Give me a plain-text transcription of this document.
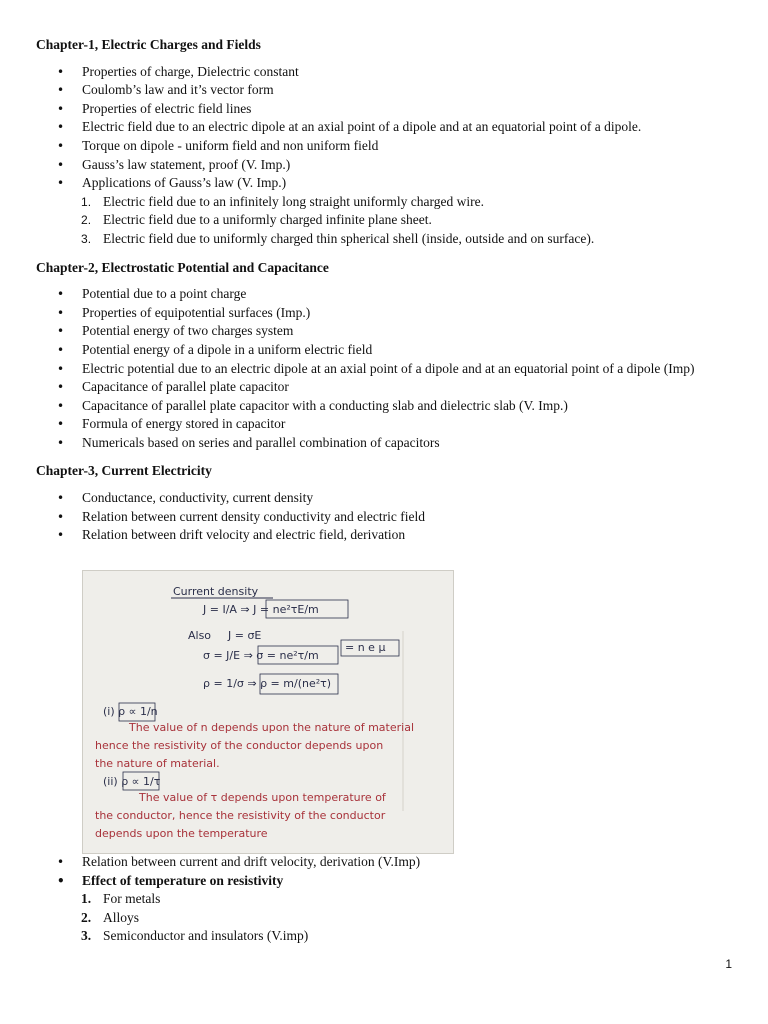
Chapter-1, Electric Charges and Fields
• Properties of charge, Dielectric constant
• Coulomb’s law and it’s vector form
• Properties of electric field lines
• Electric field due to an electric dipole at an axial point of a dipole and at an equatorial point of a dipole.
• Torque on dipole - uniform field and non uniform field
• Gauss’s law statement, proof (V. Imp.)
• Applications of Gauss’s law (V. Imp.)
Electric field due to an infinitely long straight uniformly charged wire.
Electric field due to a uniformly charged infinite plane sheet.
Electric field due to uniformly charged thin spherical shell (inside, outside and on surface).
Chapter-2, Electrostatic Potential and Capacitance
• Potential due to a point charge
• Properties of equipotential surfaces (Imp.)
• Potential energy of two charges system
• Potential energy of a dipole in a uniform electric field
• Electric potential due to an electric dipole at an axial point of a dipole and at an equatorial point of a dipole (Imp)
• Capacitance of parallel plate capacitor
• Capacitance of parallel plate capacitor with a conducting slab and dielectric slab (V. Imp.)
• Formula of energy stored in capacitor
• Numericals based on series and parallel combination of capacitors
Chapter-3, Current Electricity
• Conductance, conductivity, current density
• Relation between current density conductivity and electric field
• Relation between drift velocity and electric field, derivation
Current density
J = I/A ⇒ J = ne²τE/m
Also J = σE
σ = J/E ⇒ σ = ne²τ/m
= n e μ
ρ = 1/σ ⇒ ρ = m/(ne²τ)
(i) ρ ∝ 1/n
The value of n depends upon the nature of material
hence the resistivity of the conductor depends upon
the nature of material.
(ii) ρ ∝ 1/τ
The value of τ depends upon temperature of
the conductor, hence the resistivity of the conductor
depends upon the temperature
• Relation between current and drift velocity, derivation (V.Imp)
• Effect of temperature on resistivity
For metals
Alloys
Semiconductor and insulators (V.imp)
1
